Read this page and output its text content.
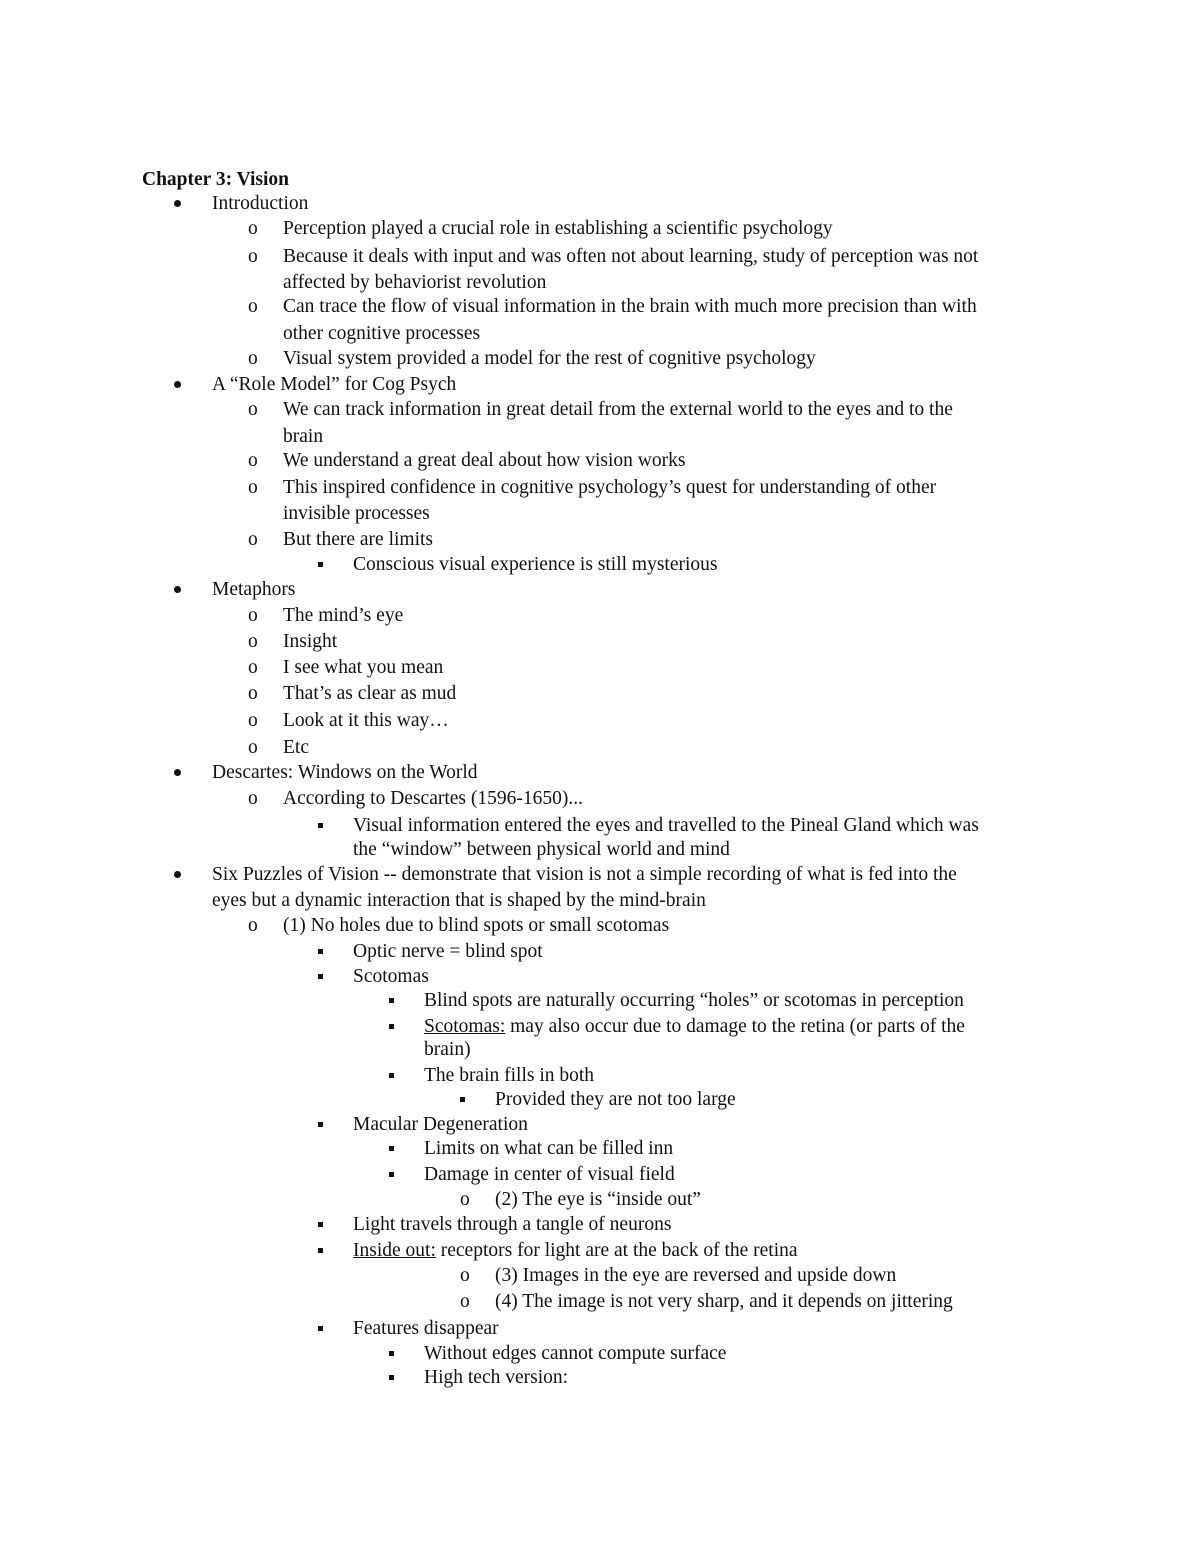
Chapter 3: Vision
Introduction
o	Perception played a crucial role in establishing a scientific psychology
o	Because it deals with input and was often not about learning, study of perception was not
affected by behaviorist revolution
o	Can trace the flow of visual information in the brain with much more precision than with
other cognitive processes
o	Visual system provided a model for the rest of cognitive psychology
A “Role Model” for Cog Psych
o	We can track information in great detail from the external world to the eyes and to the
brain
o	We understand a great deal about how vision works
o	This inspired confidence in cognitive psychology’s quest for understanding of other
invisible processes
o	But there are limits
Conscious visual experience is still mysterious
Metaphors
o	The mind’s eye
o	Insight
o	I see what you mean
o	That’s as clear as mud
o	Look at it this way…
o	Etc
Descartes: Windows on the World
o	According to Descartes (1596-1650)...
Visual information entered the eyes and travelled to the Pineal Gland which was
the “window” between physical world and mind
Six Puzzles of Vision -- demonstrate that vision is not a simple recording of what is fed into the
eyes but a dynamic interaction that is shaped by the mind-brain
o	(1) No holes due to blind spots or small scotomas
Optic nerve = blind spot
Scotomas
Blind spots are naturally occurring “holes” or scotomas in perception
Scotomas: may also occur due to damage to the retina (or parts of the
brain)
The brain fills in both
Provided they are not too large
Macular Degeneration
Limits on what can be filled inn
Damage in center of visual field
o	(2) The eye is “inside out”
Light travels through a tangle of neurons
Inside out: receptors for light are at the back of the retina
o	(3) Images in the eye are reversed and upside down
o	(4) The image is not very sharp, and it depends on jittering
Features disappear
Without edges cannot compute surface
High tech version:
